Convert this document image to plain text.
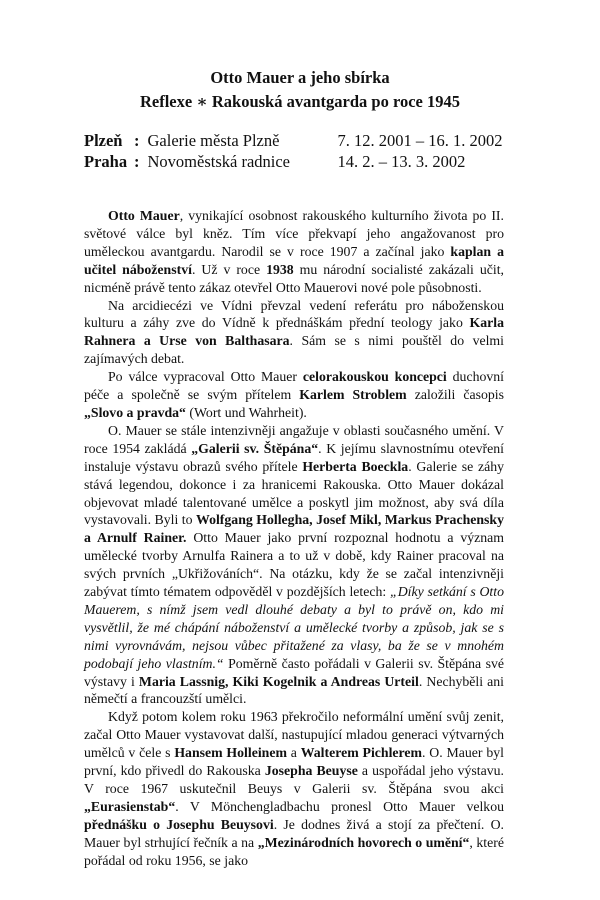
Otto Mauer a jeho sbírka
Reflexe ∗ Rakouská avantgarda po roce 1945
Plzeň : Galerie města Plzně	7. 12. 2001 – 16. 1. 2002
Praha : Novoměstská radnice	14. 2. – 13. 3. 2002

Otto Mauer, vynikající osobnost rakouského kulturního života po II. světové válce byl kněz. Tím více překvapí jeho angažovanost pro uměleckou avantgardu. Narodil se v roce 1907 a začínal jako kaplan a učitel náboženství. Už v roce 1938 mu národní socialisté zakázali učit, nicméně právě tento zákaz otevřel Otto Mauerovi nové pole působnosti.

Na arcidiecézi ve Vídni převzal vedení referátu pro náboženskou kulturu a záhy zve do Vídně k přednáškám přední teology jako Karla Rahnera a Urse von Balthasara. Sám se s nimi pouštěl do velmi zajímavých debat.

Po válce vypracoval Otto Mauer celorakouskou koncepci duchovní péče a společně se svým přítelem Karlem Stroblem založili časopis „Slovo a pravda“ (Wort und Wahrheit).

O. Mauer se stále intenzivněji angažuje v oblasti současného umění. V roce 1954 zakládá „Galerii sv. Štěpána“. K jejímu slavnostnímu otevření instaluje výstavu obrazů svého přítele Herberta Boeckla. Galerie se záhy stává legendou, dokonce i za hranicemi Rakouska. Otto Mauer dokázal objevovat mladé talentované umělce a poskytl jim možnost, aby svá díla vystavovali. Byli to Wolfgang Hollegha, Josef Mikl, Markus Prachensky a Arnulf Rainer. Otto Mauer jako první rozpoznal hodnotu a význam umělecké tvorby Arnulfa Rainera a to už v době, kdy Rainer pracoval na svých prvních „Ukřižováních“. Na otázku, kdy že se začal intenzivněji zabývat tímto tématem odpověděl v pozdějších letech: „Díky setkání s Otto Mauerem, s nímž jsem vedl dlouhé debaty a byl to právě on, kdo mi vysvětlil, že mé chápání náboženství a umělecké tvorby a způsob, jak se s nimi vyrovnávám, nejsou vůbec přitažené za vlasy, ba že se v mnohém podobají jeho vlastním.“ Poměrně často pořádali v Galerii sv. Štěpána své výstavy i Maria Lassnig, Kiki Kogelnik a Andreas Urteil. Nechyběli ani němečtí a francouzští umělci.

Když potom kolem roku 1963 překročilo neformální umění svůj zenit, začal Otto Mauer vystavovat další, nastupující mladou generaci výtvarných umělců v čele s Hansem Holleinem a Walterem Pichlerem. O. Mauer byl první, kdo přivedl do Rakouska Josepha Beuyse a uspořádal jeho výstavu. V roce 1967 uskutečnil Beuys v Galerii sv. Štěpána svou akci „Eurasienstab“. V Mönchengladbachu pronesl Otto Mauer velkou přednášku o Josephu Beuysovi. Je dodnes živá a stojí za přečtení. O. Mauer byl strhující řečník a na „Mezinárodních hovorech o umění“, které pořádal od roku 1956, se jako
